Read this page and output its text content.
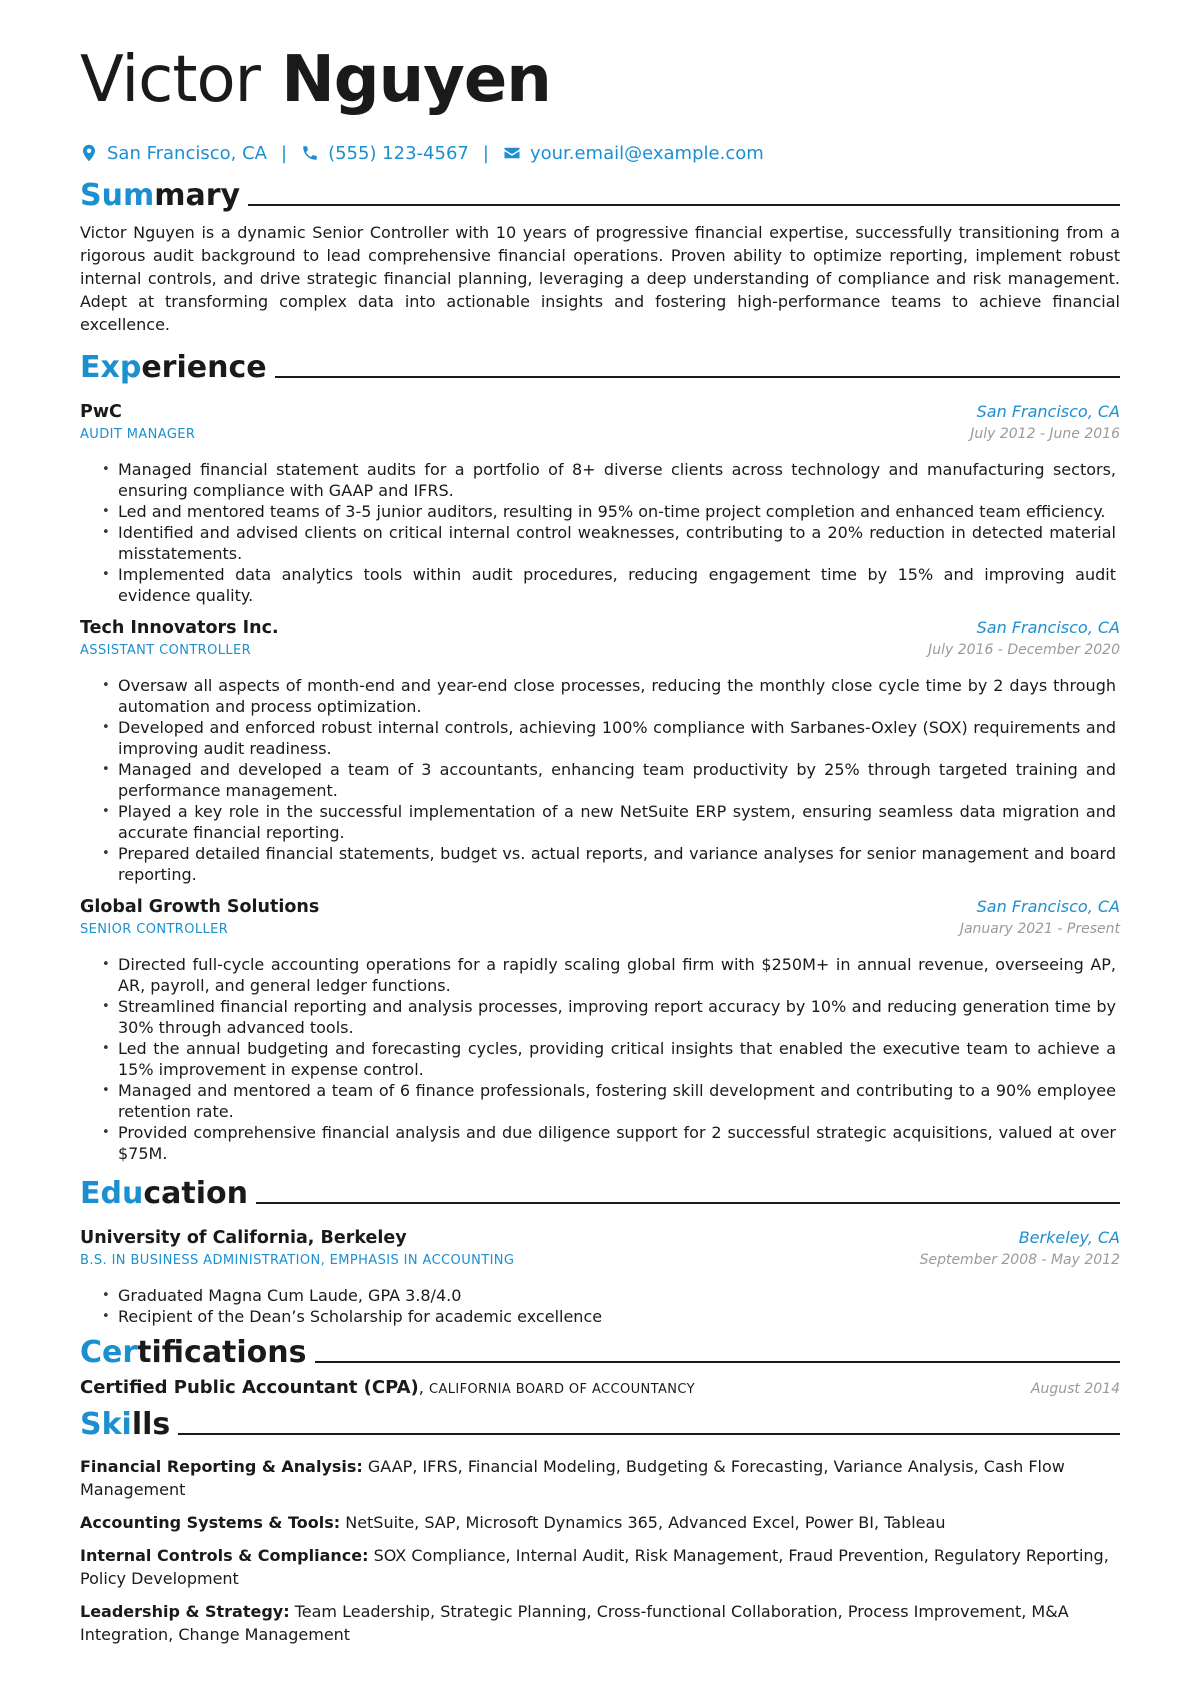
Victor Nguyen
San Francisco, CA | (555) 123-4567 | your.email@example.com
Summary

Victor Nguyen is a dynamic Senior Controller with 10 years of progressive financial expertise, successfully transitioning from a rigorous audit background to lead comprehensive financial operations. Proven ability to optimize reporting, implement robust internal controls, and drive strategic financial planning, leveraging a deep understanding of compliance and risk management. Adept at transforming complex data into actionable insights and fostering high-performance teams to achieve financial excellence.

Experience
PwC	San Francisco, CA
AUDIT MANAGER	July 2012 - June 2016
• Managed financial statement audits for a portfolio of 8+ diverse clients across technology and manufacturing sectors, ensuring compliance with GAAP and IFRS.
• Led and mentored teams of 3-5 junior auditors, resulting in 95% on-time project completion and enhanced team efficiency.
• Identified and advised clients on critical internal control weaknesses, contributing to a 20% reduction in detected material misstatements.
• Implemented data analytics tools within audit procedures, reducing engagement time by 15% and improving audit evidence quality.
Tech Innovators Inc.	San Francisco, CA
ASSISTANT CONTROLLER	July 2016 - December 2020
• Oversaw all aspects of month-end and year-end close processes, reducing the monthly close cycle time by 2 days through automation and process optimization.
• Developed and enforced robust internal controls, achieving 100% compliance with Sarbanes-Oxley (SOX) requirements and improving audit readiness.
• Managed and developed a team of 3 accountants, enhancing team productivity by 25% through targeted training and performance management.
• Played a key role in the successful implementation of a new NetSuite ERP system, ensuring seamless data migration and accurate financial reporting.
• Prepared detailed financial statements, budget vs. actual reports, and variance analyses for senior management and board reporting.
Global Growth Solutions	San Francisco, CA
SENIOR CONTROLLER	January 2021 - Present
• Directed full-cycle accounting operations for a rapidly scaling global firm with $250M+ in annual revenue, overseeing AP, AR, payroll, and general ledger functions.
• Streamlined financial reporting and analysis processes, improving report accuracy by 10% and reducing generation time by 30% through advanced tools.
• Led the annual budgeting and forecasting cycles, providing critical insights that enabled the executive team to achieve a 15% improvement in expense control.
• Managed and mentored a team of 6 finance professionals, fostering skill development and contributing to a 90% employee retention rate.
• Provided comprehensive financial analysis and due diligence support for 2 successful strategic acquisitions, valued at over $75M.
Education
University of California, Berkeley	Berkeley, CA
B.S. IN BUSINESS ADMINISTRATION, EMPHASIS IN ACCOUNTING	September 2008 - May 2012
• Graduated Magna Cum Laude, GPA 3.8/4.0
• Recipient of the Dean’s Scholarship for academic excellence
Certifications
Certified Public Accountant (CPA), CALIFORNIA BOARD OF ACCOUNTANCY	August 2014
Skills
Financial Reporting & Analysis: GAAP, IFRS, Financial Modeling, Budgeting & Forecasting, Variance Analysis, Cash Flow Management
Accounting Systems & Tools: NetSuite, SAP, Microsoft Dynamics 365, Advanced Excel, Power BI, Tableau
Internal Controls & Compliance: SOX Compliance, Internal Audit, Risk Management, Fraud Prevention, Regulatory Reporting, Policy Development
Leadership & Strategy: Team Leadership, Strategic Planning, Cross-functional Collaboration, Process Improvement, M&A Integration, Change Management
